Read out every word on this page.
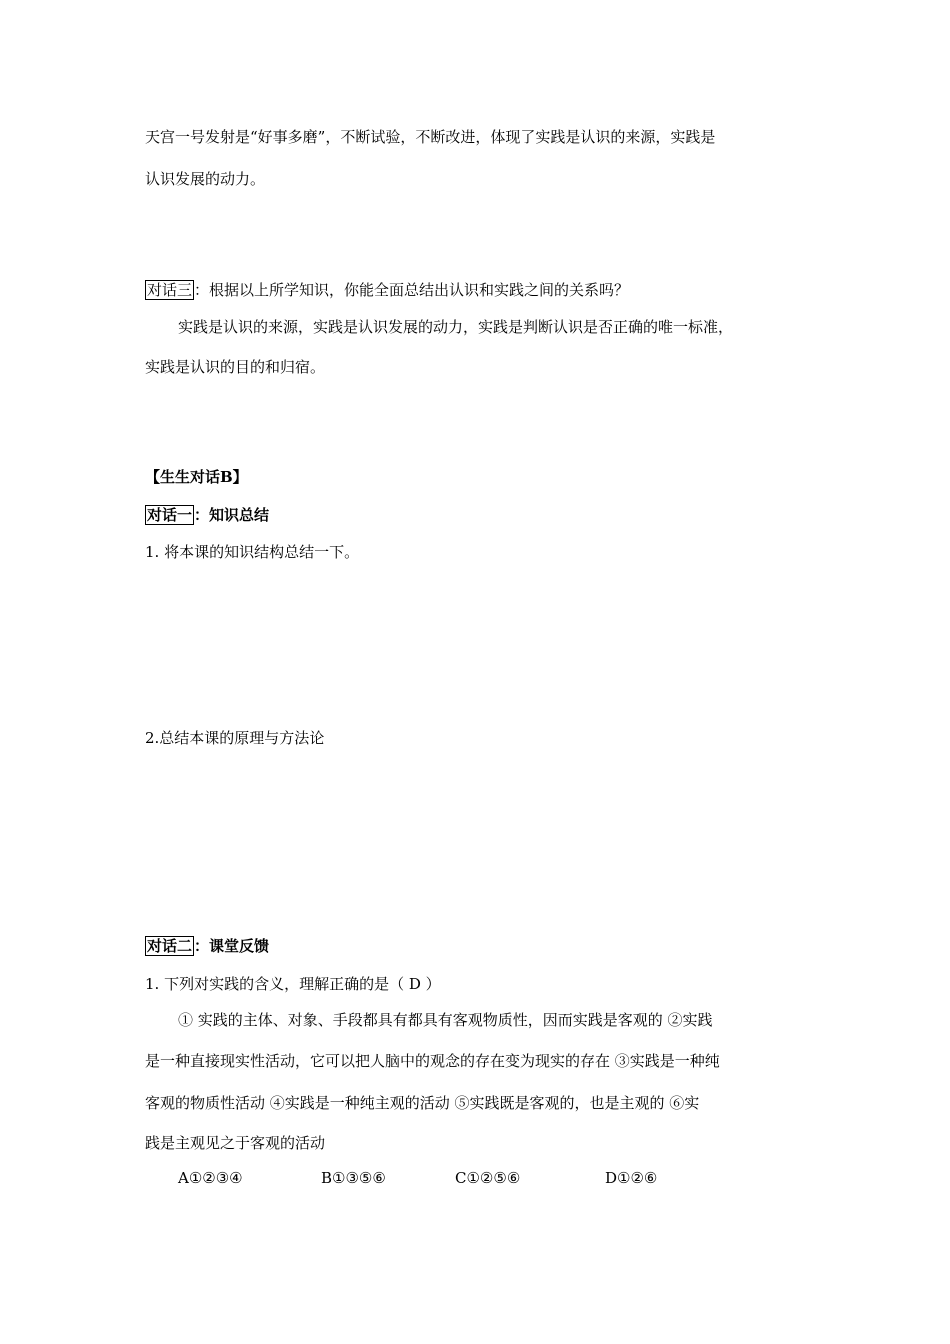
天宫一号发射是“好事多磨”，不断试验，不断改进，体现了实践是认识的来源，实践是
认识发展的动力。
对话三 ：根据以上所学知识，你能全面总结出认识和实践之间的关系吗？
实践是认识的来源，实践是认识发展的动力，实践是判断认识是否正确的唯一标准，
实践是认识的目的和归宿。
【生生对话B】
对话一 ：知识总结
1. 将本课的知识结构总结一下。
2.总结本课的原理与方法论
对话二 ：课堂反馈
1. 下列对实践的含义，理解正确的是（ D ）
① 实践的主体、对象、手段都具有都具有客观物质性，因而实践是客观的 ②实践
是一种直接现实性活动，它可以把人脑中的观念的存在变为现实的存在 ③实践是一种纯
客观的物质性活动 ④实践是一种纯主观的活动 ⑤实践既是客观的，也是主观的 ⑥实
践是主观见之于客观的活动
A①②③④	B①③⑤⑥	C①②⑤⑥	D①②⑥
